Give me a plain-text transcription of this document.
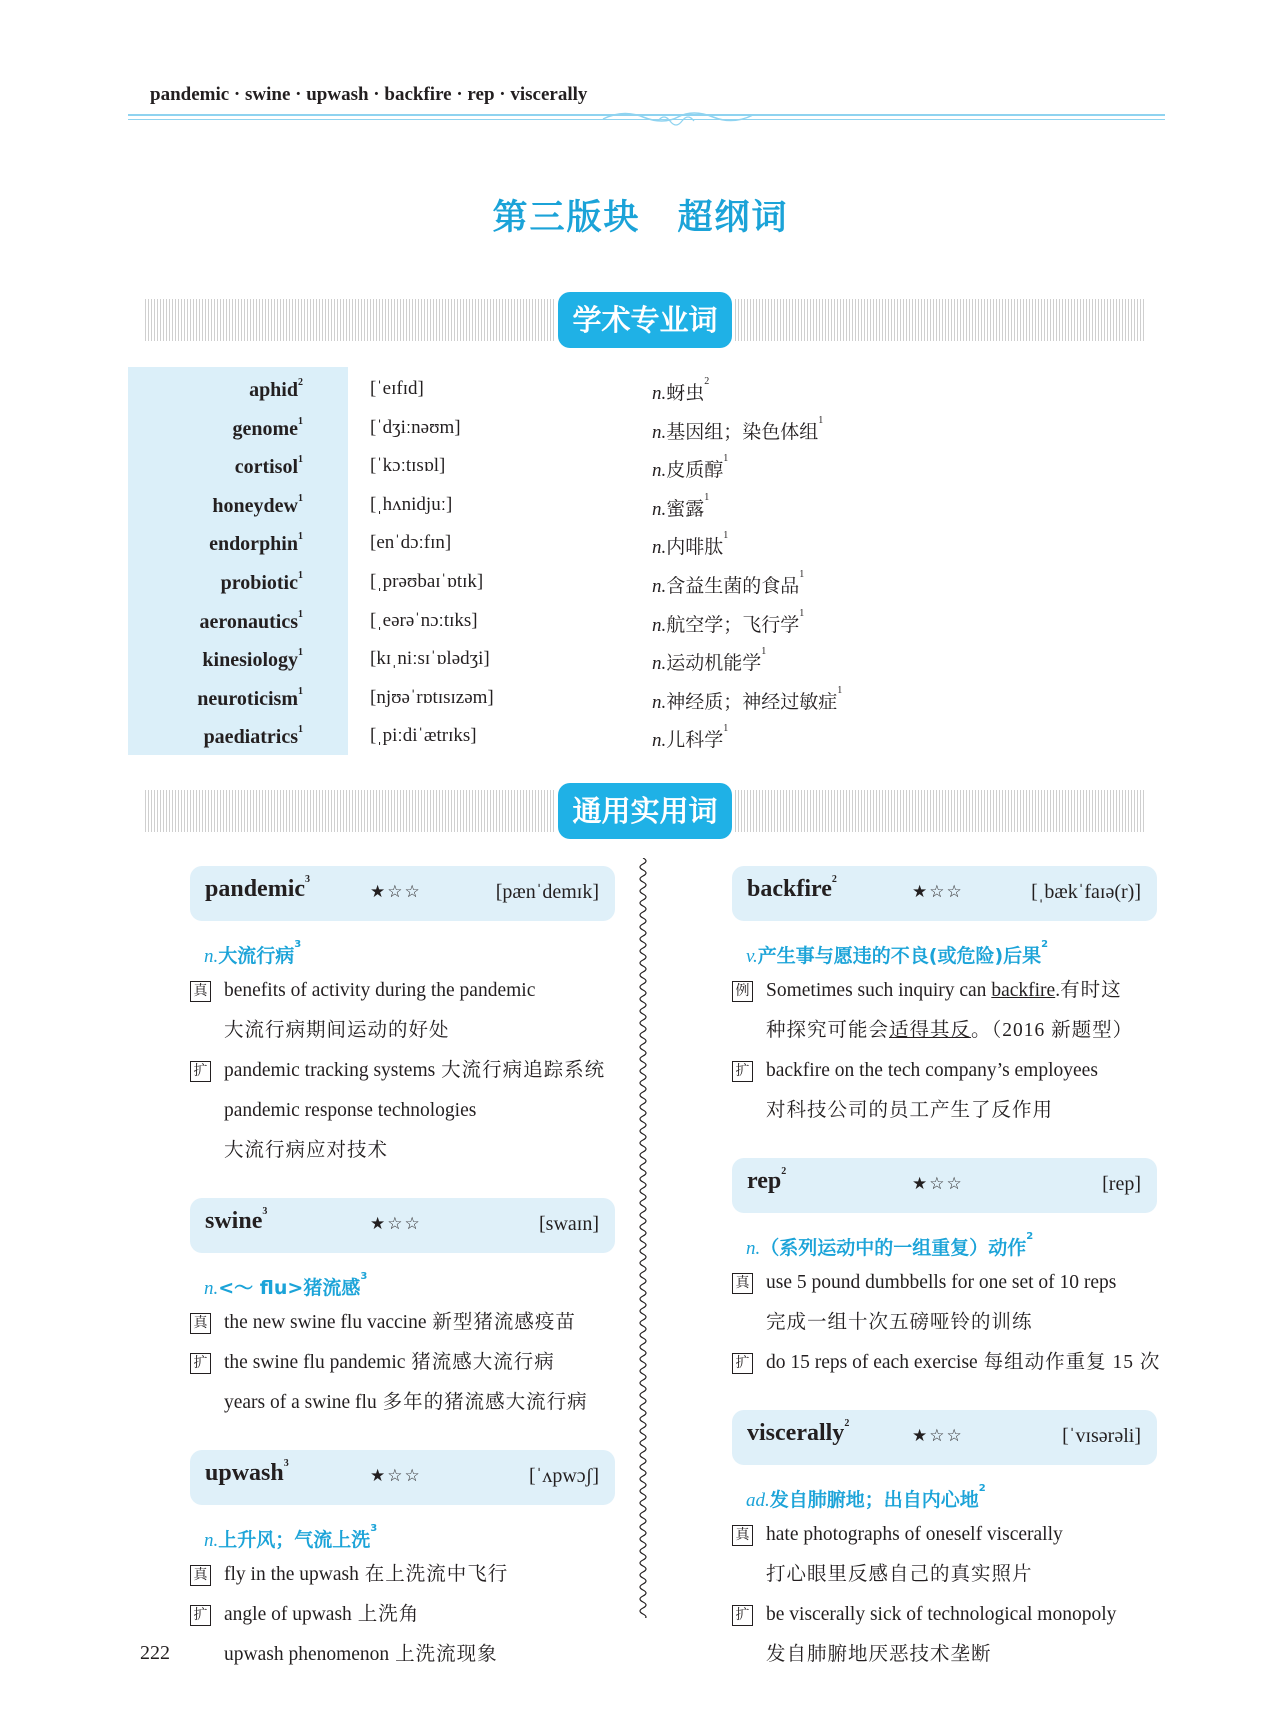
pandemic · swine · upwash · backfire · rep · viscerally
第三版块　超纲词
学术专业词
aphid$^2$	[ˈeɪfɪd]	n.蚜虫$^2$
genome$^1$	[ˈdʒiːnəʊm]	n.基因组；染色体组$^1$
cortisol$^1$	[ˈkɔːtɪsɒl]	n.皮质醇$^1$
honeydew$^1$	[ˌhʌnidjuː]	n.蜜露$^1$
endorphin$^1$	[enˈdɔːfɪn]	n.内啡肽$^1$
probiotic$^1$	[ˌprəʊbaɪˈɒtɪk]	n.含益生菌的食品$^1$
aeronautics$^1$	[ˌeərəˈnɔːtɪks]	n.航空学；飞行学$^1$
kinesiology$^1$	[kɪˌniːsɪˈɒlədʒi]	n.运动机能学$^1$
neuroticism$^1$	[njʊəˈrɒtɪsɪzəm]	n.神经质；神经过敏症$^1$
paediatrics$^1$	[ˌpiːdiˈætrɪks]	n.儿科学$^1$
通用实用词
pandemic$^3$
★☆☆	[pænˈdemɪk]
n.大流行病$^3$
真 benefits of activity during the pandemic
大流行病期间运动的好处
扩 pandemic tracking systems 大流行病追踪系统
pandemic response technologies
大流行病应对技术
swine$^3$
★☆☆	[swaɪn]
n.<～ flu>猪流感$^3$
真 the new swine flu vaccine 新型猪流感疫苗
扩 the swine flu pandemic 猪流感大流行病
years of a swine flu 多年的猪流感大流行病
upwash$^3$
★☆☆	[ˈʌpwɔʃ]
n.上升风；气流上洗$^3$
真 fly in the upwash 在上洗流中飞行
扩 angle of upwash 上洗角
upwash phenomenon 上洗流现象
backfire$^2$
★☆☆	[ˌbækˈfaɪə(r)]
v.产生事与愿违的不良(或危险)后果$^2$
例 Sometimes such inquiry can backfire.有时这
种探究可能会适得其反。（2016 新题型）
扩 backfire on the tech company’s employees
对科技公司的员工产生了反作用
rep$^2$
★☆☆	[rep]
n.（系列运动中的一组重复）动作$^2$
真 use 5 pound dumbbells for one set of 10 reps
完成一组十次五磅哑铃的训练
扩 do 15 reps of each exercise 每组动作重复 15 次
viscerally$^2$
★☆☆	[ˈvɪsərəli]
ad.发自肺腑地；出自内心地$^2$
真 hate photographs of oneself viscerally
打心眼里反感自己的真实照片
扩 be viscerally sick of technological monopoly
发自肺腑地厌恶技术垄断
222
